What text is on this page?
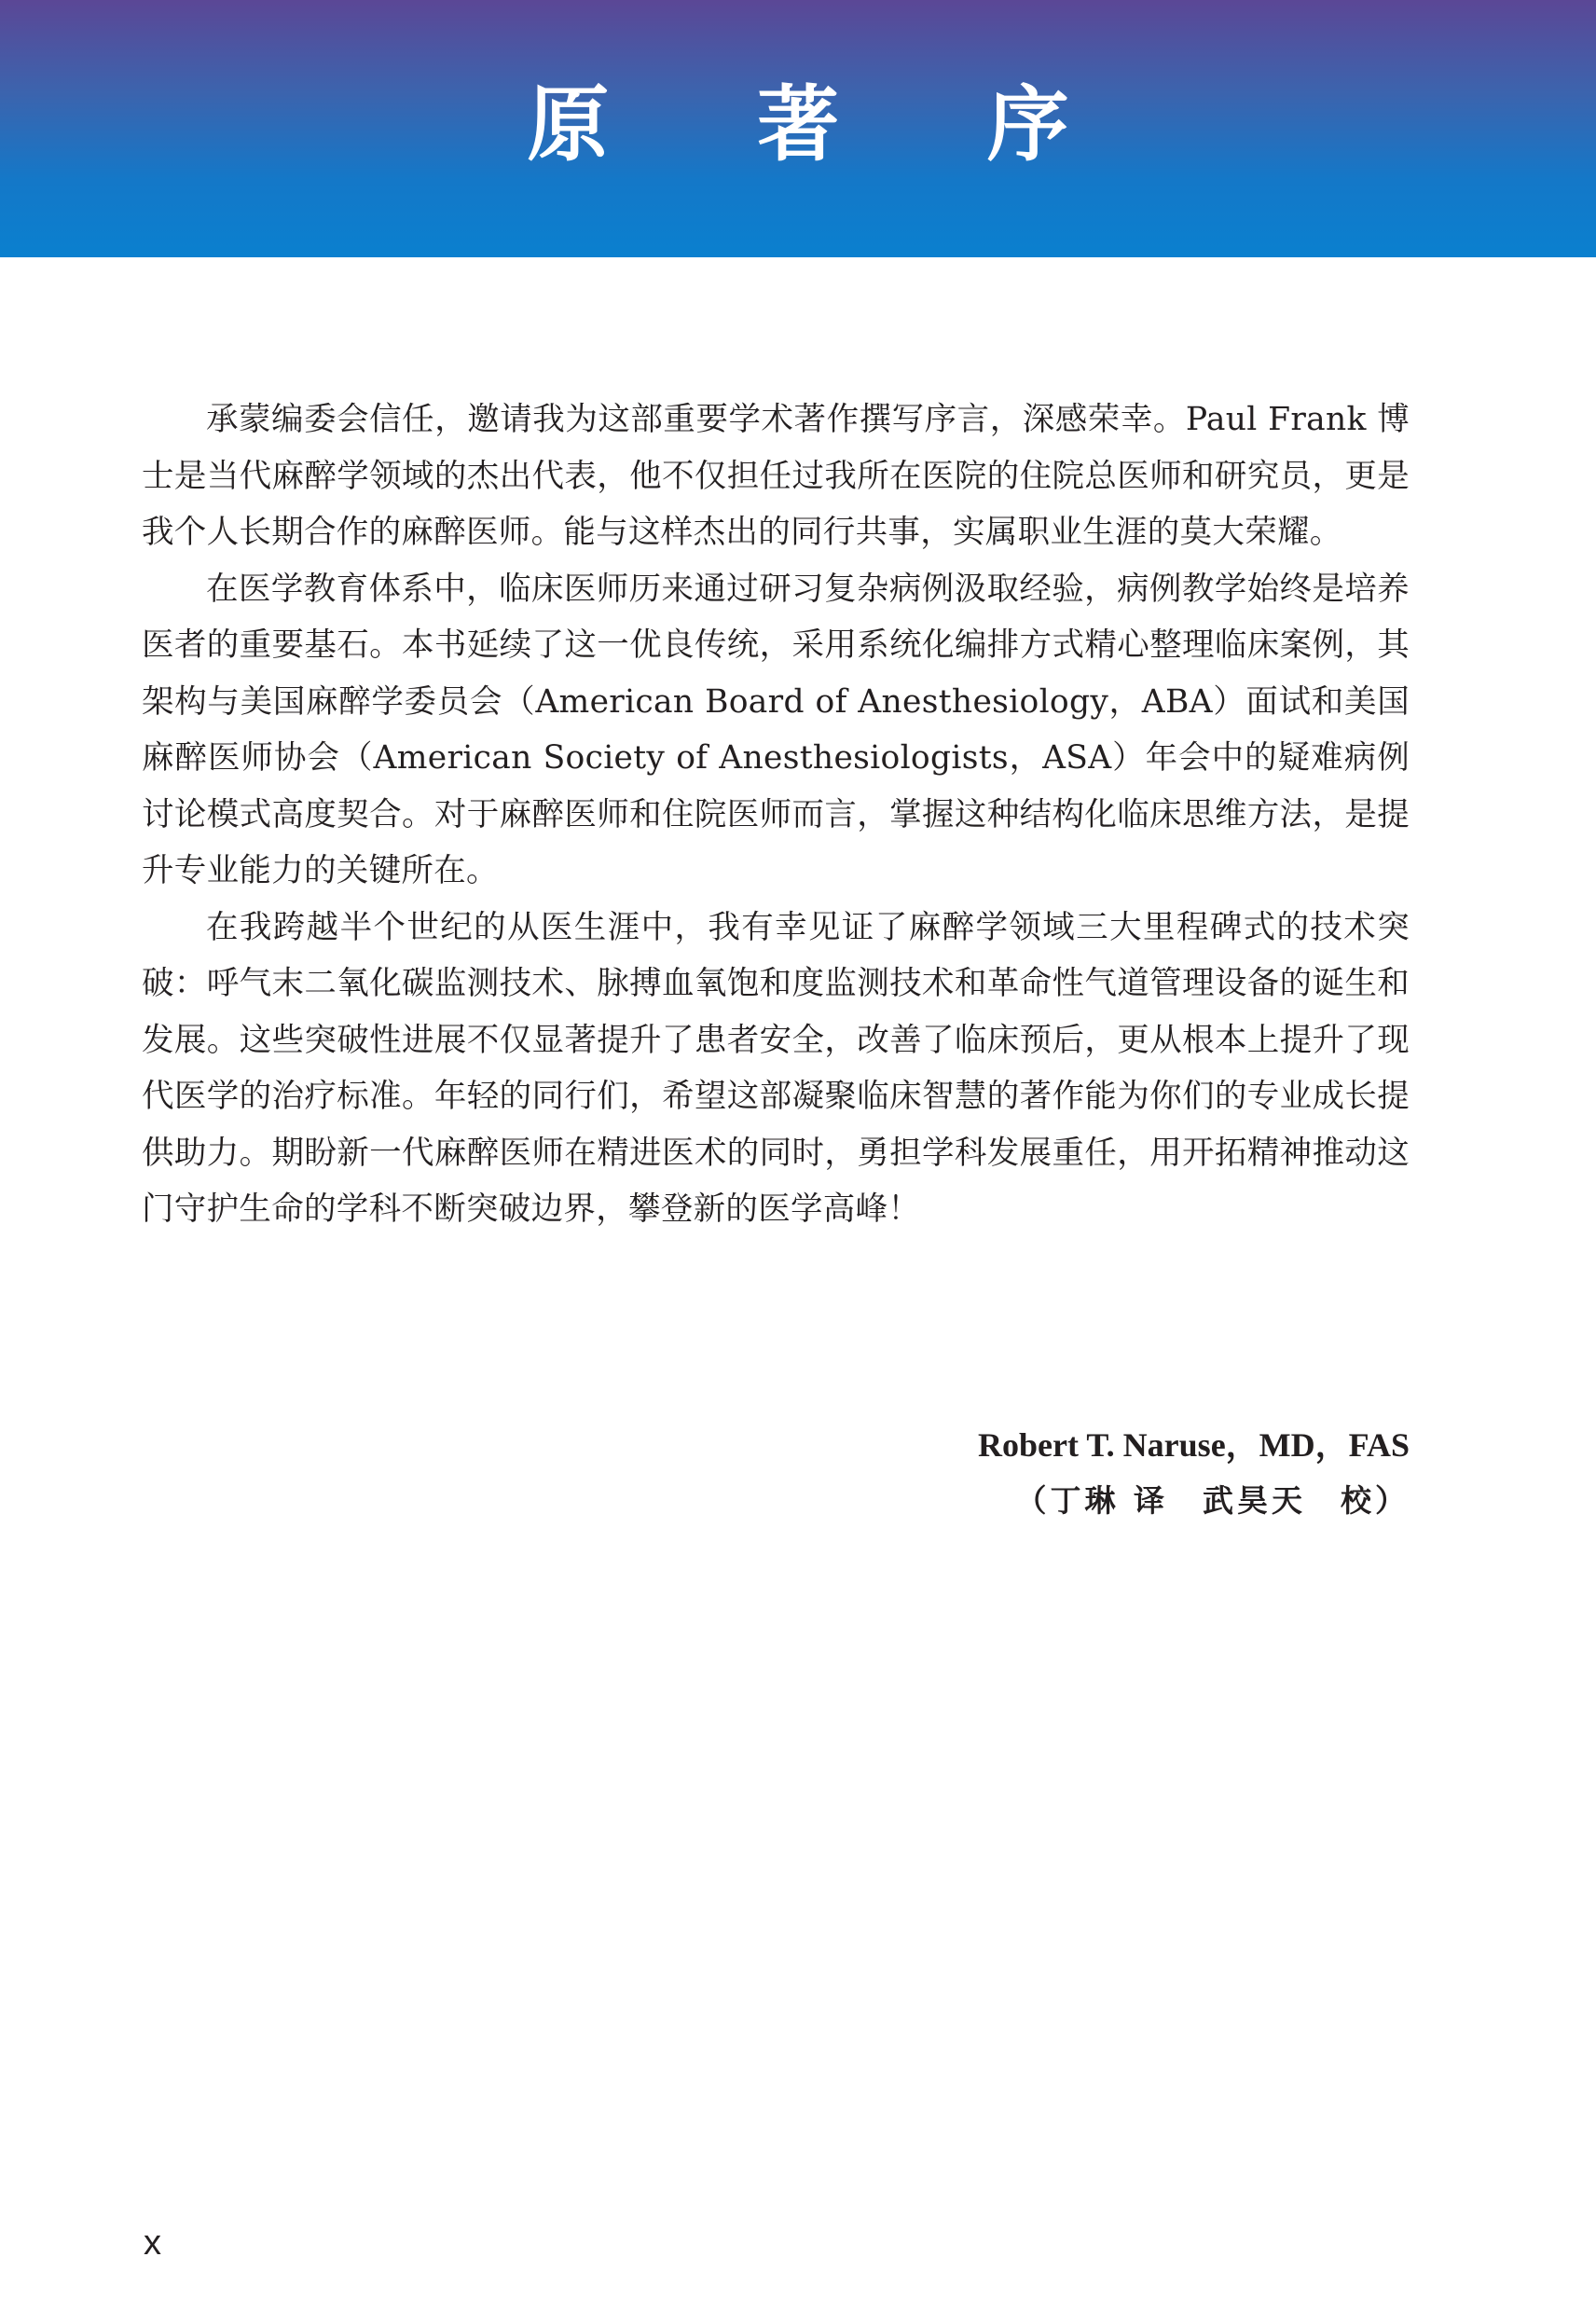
原 著 序

承蒙编委会信任，邀请我为这部重要学术著作撰写序言，深感荣幸。Paul Frank 博士是当代麻醉学领域的杰出代表，他不仅担任过我所在医院的住院总医师和研究员，更是我个人长期合作的麻醉医师。能与这样杰出的同行共事，实属职业生涯的莫大荣耀。

在医学教育体系中，临床医师历来通过研习复杂病例汲取经验，病例教学始终是培养医者的重要基石。本书延续了这一优良传统，采用系统化编排方式精心整理临床案例，其架构与美国麻醉学委员会（American Board of Anesthesiology，ABA）面试和美国麻醉医师协会（American Society of Anesthesiologists，ASA）年会中的疑难病例讨论模式高度契合。对于麻醉医师和住院医师而言，掌握这种结构化临床思维方法，是提升专业能力的关键所在。

在我跨越半个世纪的从医生涯中，我有幸见证了麻醉学领域三大里程碑式的技术突破：呼气末二氧化碳监测技术、脉搏血氧饱和度监测技术和革命性气道管理设备的诞生和发展。这些突破性进展不仅显著提升了患者安全，改善了临床预后，更从根本上提升了现代医学的治疗标准。年轻的同行们，希望这部凝聚临床智慧的著作能为你们的专业成长提供助力。期盼新一代麻醉医师在精进医术的同时，勇担学科发展重任，用开拓精神推动这门守护生命的学科不断突破边界，攀登新的医学高峰！

Robert T. Naruse，MD，FAS
（丁琳 译　武昊天　校）
x
